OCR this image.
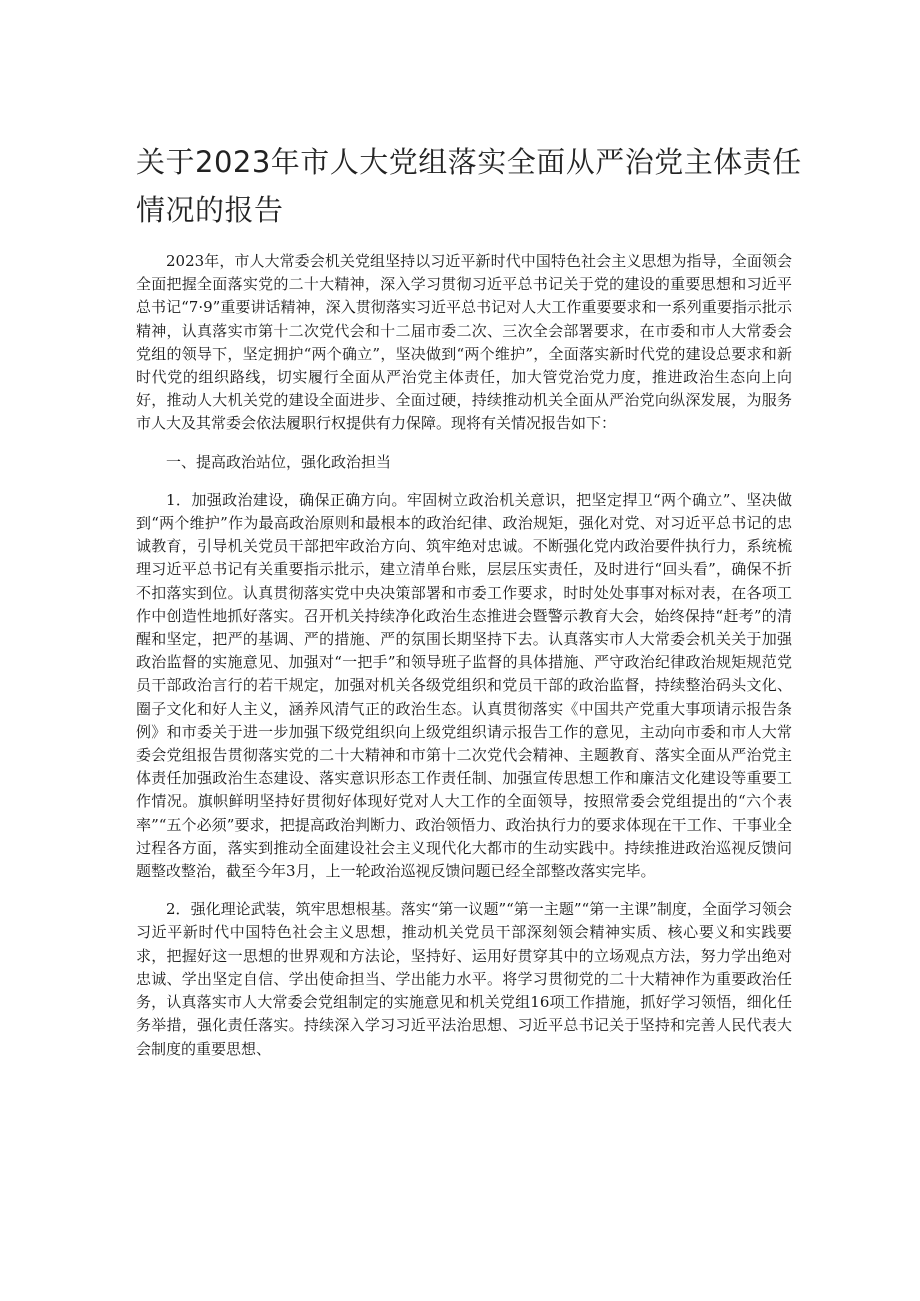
关于2023年市人大党组落实全面从严治党主体责任
情况的报告

2023年，市人大常委会机关党组坚持以习近平新时代中国特色社会主义思想为指导，全面领会全面把握全面落实党的二十大精神，深入学习贯彻习近平总书记关于党的建设的重要思想和习近平总书记“7·9”重要讲话精神，深入贯彻落实习近平总书记对人大工作重要要求和一系列重要指示批示精神，认真落实市第十二次党代会和十二届市委二次、三次全会部署要求，在市委和市人大常委会党组的领导下，坚定拥护“两个确立”，坚决做到“两个维护”，全面落实新时代党的建设总要求和新时代党的组织路线，切实履行全面从严治党主体责任，加大管党治党力度，推进政治生态向上向好，推动人大机关党的建设全面进步、全面过硬，持续推动机关全面从严治党向纵深发展，为服务市人大及其常委会依法履职行权提供有力保障。现将有关情况报告如下：

一、提高政治站位，强化政治担当

1．加强政治建设，确保正确方向。牢固树立政治机关意识，把坚定捍卫“两个确立”、坚决做到“两个维护”作为最高政治原则和最根本的政治纪律、政治规矩，强化对党、对习近平总书记的忠诚教育，引导机关党员干部把牢政治方向、筑牢绝对忠诚。不断强化党内政治要件执行力，系统梳理习近平总书记有关重要指示批示，建立清单台账，层层压实责任，及时进行“回头看”，确保不折不扣落实到位。认真贯彻落实党中央决策部署和市委工作要求，时时处处事事对标对表，在各项工作中创造性地抓好落实。召开机关持续净化政治生态推进会暨警示教育大会，始终保持“赶考”的清醒和坚定，把严的基调、严的措施、严的氛围长期坚持下去。认真落实市人大常委会机关关于加强政治监督的实施意见、加强对“一把手”和领导班子监督的具体措施、严守政治纪律政治规矩规范党员干部政治言行的若干规定，加强对机关各级党组织和党员干部的政治监督，持续整治码头文化、圈子文化和好人主义，涵养风清气正的政治生态。认真贯彻落实《中国共产党重大事项请示报告条例》和市委关于进一步加强下级党组织向上级党组织请示报告工作的意见，主动向市委和市人大常委会党组报告贯彻落实党的二十大精神和市第十二次党代会精神、主题教育、落实全面从严治党主体责任加强政治生态建设、落实意识形态工作责任制、加强宣传思想工作和廉洁文化建设等重要工作情况。旗帜鲜明坚持好贯彻好体现好党对人大工作的全面领导，按照常委会党组提出的“六个表率”“五个必须”要求，把提高政治判断力、政治领悟力、政治执行力的要求体现在干工作、干事业全过程各方面，落实到推动全面建设社会主义现代化大都市的生动实践中。持续推进政治巡视反馈问题整改整治，截至今年3月，上一轮政治巡视反馈问题已经全部整改落实完毕。

2．强化理论武装，筑牢思想根基。落实“第一议题”“第一主题”“第一主课”制度，全面学习领会习近平新时代中国特色社会主义思想，推动机关党员干部深刻领会精神实质、核心要义和实践要求，把握好这一思想的世界观和方法论，坚持好、运用好贯穿其中的立场观点方法，努力学出绝对忠诚、学出坚定自信、学出使命担当、学出能力水平。将学习贯彻党的二十大精神作为重要政治任务，认真落实市人大常委会党组制定的实施意见和机关党组16项工作措施，抓好学习领悟，细化任务举措，强化责任落实。持续深入学习习近平法治思想、习近平总书记关于坚持和完善人民代表大会制度的重要思想、
